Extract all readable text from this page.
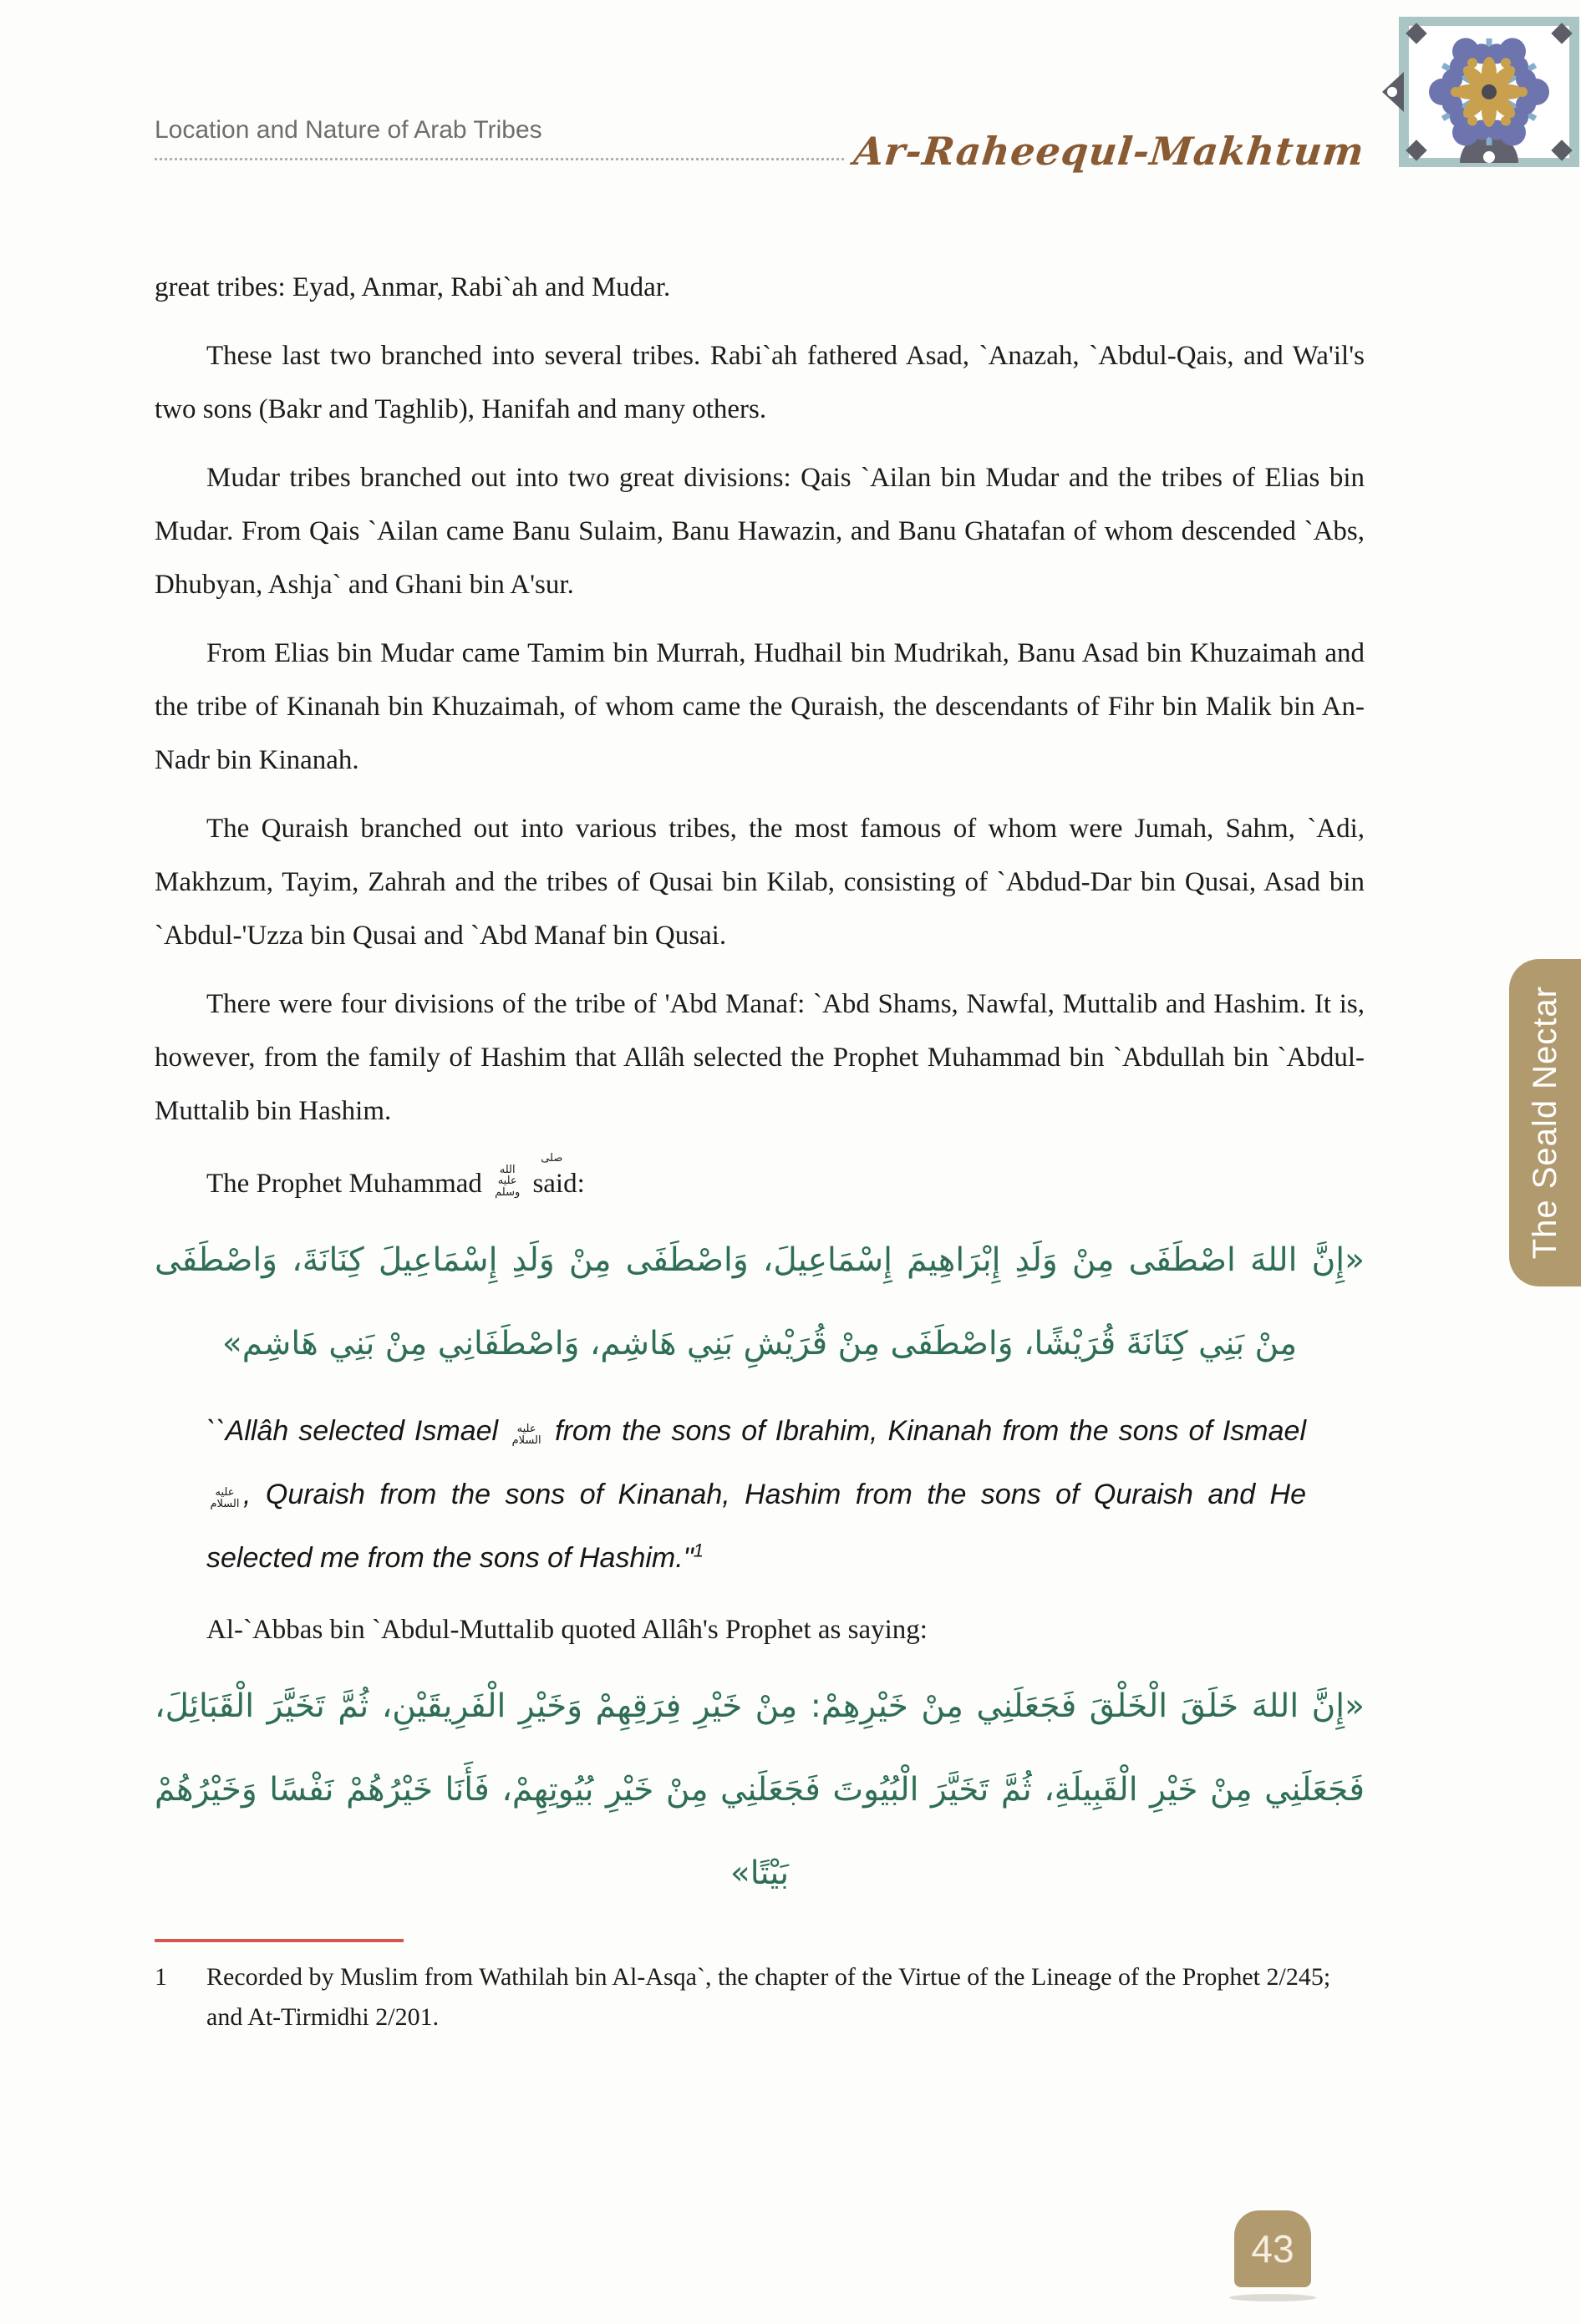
Location and Nature of Arab Tribes	Ar-Raheequl-Makhtum

great tribes: Eyad, Anmar, Rabi`ah and Mudar.

These last two branched into several tribes. Rabi`ah fathered Asad, `Anazah, `Abdul-Qais, and Wa'il's two sons (Bakr and Taghlib), Hanifah and many others.

Mudar tribes branched out into two great divisions: Qais `Ailan bin Mudar and the tribes of Elias bin Mudar. From Qais `Ailan came Banu Sulaim, Banu Hawazin, and Banu Ghatafan of whom descended `Abs, Dhubyan, Ashja` and Ghani bin A'sur.

From Elias bin Mudar came Tamim bin Murrah, Hudhail bin Mudrikah, Banu Asad bin Khuzaimah and the tribe of Kinanah bin Khuzaimah, of whom came the Quraish, the descendants of Fihr bin Malik bin An-Nadr bin Kinanah.

The Quraish branched out into various tribes, the most famous of whom were Jumah, Sahm, `Adi, Makhzum, Tayim, Zahrah and the tribes of Qusai bin Kilab, consisting of `Abdud-Dar bin Qusai, Asad bin `Abdul-'Uzza bin Qusai and `Abd Manaf bin Qusai.

There were four divisions of the tribe of 'Abd Manaf: `Abd Shams, Nawfal, Muttalib and Hashim. It is, however, from the family of Hashim that Allâh selected the Prophet Muhammad bin `Abdullah bin `Abdul-Muttalib bin Hashim.

The Prophet Muhammad صلى الله عليه وسلم said:

«إِنَّ اللهَ اصْطَفَى مِنْ وَلَدِ إِبْرَاهِيمَ إِسْمَاعِيلَ، وَاصْطَفَى مِنْ وَلَدِ إِسْمَاعِيلَ كِنَانَةَ، وَاصْطَفَى مِنْ بَنِي كِنَانَةَ قُرَيْشًا، وَاصْطَفَى مِنْ قُرَيْشِ بَنِي هَاشِم، وَاصْطَفَانِي مِنْ بَنِي هَاشِم»

``Allâh selected Ismael عليه السلام from the sons of Ibrahim, Kinanah from the sons of Ismael عليه السلام , Quraish from the sons of Kinanah, Hashim from the sons of Quraish and He selected me from the sons of Hashim."$^1$

Al-`Abbas bin `Abdul-Muttalib quoted Allâh's Prophet as saying:

«إِنَّ اللهَ خَلَقَ الْخَلْقَ فَجَعَلَنِي مِنْ خَيْرِهِمْ: مِنْ خَيْرِ فِرَقِهِمْ وَخَيْرِ الْفَرِيقَيْنِ، ثُمَّ تَخَيَّرَ الْقَبَائِلَ، فَجَعَلَنِي مِنْ خَيْرِ الْقَبِيلَةِ، ثُمَّ تَخَيَّرَ الْبُيُوتَ فَجَعَلَنِي مِنْ خَيْرِ بُيُوتِهِمْ، فَأَنَا خَيْرُهُمْ نَفْسًا وَخَيْرُهُمْ بَيْتًا»
1	Recorded by Muslim from Wathilah bin Al-Asqa`, the chapter of the Virtue of the Lineage of the Prophet 2/245; and At-Tirmidhi 2/201.
The Seald Nectar
43
